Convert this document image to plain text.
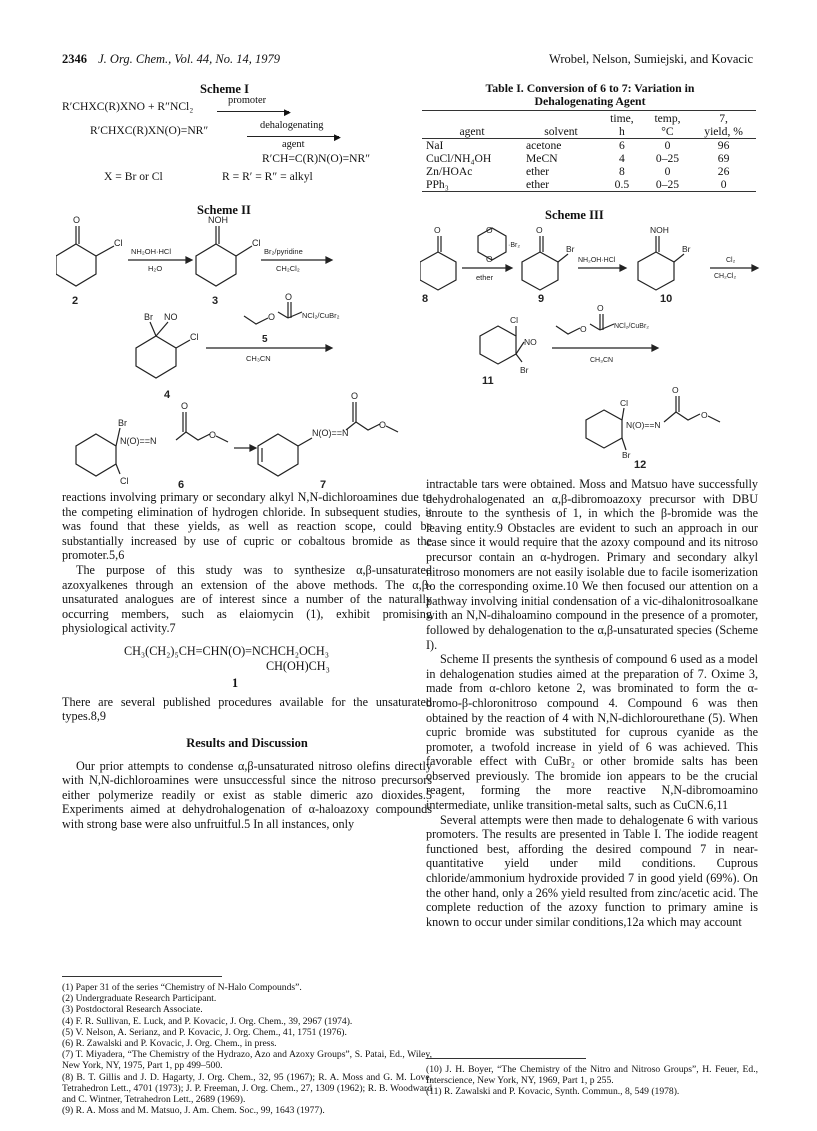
2346 J. Org. Chem., Vol. 44, No. 14, 1979	Wrobel, Nelson, Sumiejski, and Kovacic
Scheme I
R′CHXC(R)XNO + R″NCl₂	promoter
▶
R′CHXC(R)XN(O)=NR″	dehalogenating
▶
agent
R′CH=C(R)N(O)=NR″
X = Br or Cl	R = R′ = R″ = alkyl
Scheme II
O
Cl
NH₂OH·HCl
H₂O
NOH
Cl
Br₂/pyridine
CH₂Cl₂
Br NO
Cl
O
O	NCl₂/CuBr₂
5
CH₃CN
Br
N(O)==N
Cl
O
O	N(O)==N
O
O
2	3
4
6	7
Table I. Conversion of 6 to 7: Variation in
Dehalogenating Agent
		time,	temp,	7,
agent	solvent	h	°C	yield, %
NaI	acetone	6	0	96
CuCl/NH₄OH	MeCN	4	0–25	69
Zn/HOAc	ether	8	0	26
PPh₃	ether	0.5	0–25	0
Scheme III
O	O
O
·Br₂
ether
O
Br
NH₂OH·HCl
NOH
Br
Cl₂
CH₂Cl₂
Cl
NO
Br
O
O	NCl₂/CuBr₂
CH₃CN
Cl
N(O)==N
Br
O
O
8	9	10
11
12

reactions involving primary or secondary alkyl N,N-dichloroamines due to the competing elimination of hydrogen chloride. In subsequent studies, it was found that these yields, as well as reaction scope, could be substantially increased by use of cupric or cobaltous bromide as the promoter.5,6

The purpose of this study was to synthesize α,β-unsaturated azoxyalkenes through an extension of the above methods. The α,β-unsaturated analogues are of interest since a number of the naturally occurring members, such as elaiomycin (1), exhibit promising physiological activity.7

CH₃(CH₂)₅CH=CHN(O)=NCHCH₂OCH₃
CH(OH)CH₃
1

There are several published procedures available for the unsaturated types.8,9

Results and Discussion

Our prior attempts to condense α,β-unsaturated nitroso olefins directly with N,N-dichloroamines were unsuccessful since the nitroso precursors either polymerize readily or exist as stable dimeric azo dioxides.5 Experiments aimed at dehydrohalogenation of α-haloazoxy compounds with strong base were also unfruitful.5 In all instances, only

(1) Paper 31 of the series “Chemistry of N-Halo Compounds”.
(2) Undergraduate Research Participant.
(3) Postdoctoral Research Associate.
(4) F. R. Sullivan, E. Luck, and P. Kovacic, J. Org. Chem., 39, 2967 (1974).
(5) V. Nelson, A. Serianz, and P. Kovacic, J. Org. Chem., 41, 1751 (1976).
(6) R. Zawalski and P. Kovacic, J. Org. Chem., in press.
(7) T. Miyadera, “The Chemistry of the Hydrazo, Azo and Azoxy Groups”, S. Patai, Ed., Wiley, New York, NY, 1975, Part 1, pp 499–500.
(8) B. T. Gillis and J. D. Hagarty, J. Org. Chem., 32, 95 (1967); R. A. Moss and G. M. Love, Tetrahedron Lett., 4701 (1973); J. P. Freeman, J. Org. Chem., 27, 1309 (1962); R. B. Woodward and C. Wintner, Tetrahedron Lett., 2689 (1969).
(9) R. A. Moss and M. Matsuo, J. Am. Chem. Soc., 99, 1643 (1977).

intractable tars were obtained. Moss and Matsuo have successfully dehydrohalogenated an α,β-dibromoazoxy precursor with DBU enroute to the synthesis of 1, in which the β-bromide was the leaving entity.9 Obstacles are evident to such an approach in our case since it would require that the azoxy compound and its nitroso precursor contain an α-hydrogen. Primary and secondary alkyl nitroso monomers are not easily isolable due to facile isomerization to the corresponding oxime.10 We then focused our attention on a pathway involving initial condensation of a vic-dihalonitrosoalkane with an N,N-dihaloamino compound in the presence of a promoter, followed by dehalogenation to the α,β-unsaturated species (Scheme I).

Scheme II presents the synthesis of compound 6 used as a model in dehalogenation studies aimed at the preparation of 7. Oxime 3, made from α-chloro ketone 2, was brominated to form the α-bromo-β-chloronitroso compound 4. Compound 6 was then obtained by the reaction of 4 with N,N-dichlorourethane (5). When cupric bromide was substituted for cuprous cyanide as the promoter, a twofold increase in yield of 6 was achieved. This favorable effect with CuBr₂ or other bromide salts has been observed previously. The bromide ion appears to be the crucial reagent, forming the more reactive N,N-dibromoamino intermediate, unlike transition-metal salts, such as CuCN.6,11

Several attempts were then made to dehalogenate 6 with various promoters. The results are presented in Table I. The iodide reagent functioned best, affording the desired compound 7 in near-quantitative yield under mild conditions. Cuprous chloride/ammonium hydroxide provided 7 in good yield (69%). On the other hand, only a 26% yield resulted from zinc/acetic acid. The complete reduction of the azoxy function to primary amine is known to occur under similar conditions,12a which may account

(10) J. H. Boyer, “The Chemistry of the Nitro and Nitroso Groups”, H. Feuer, Ed., Interscience, New York, NY, 1969, Part 1, p 255.
(11) R. Zawalski and P. Kovacic, Synth. Commun., 8, 549 (1978).
